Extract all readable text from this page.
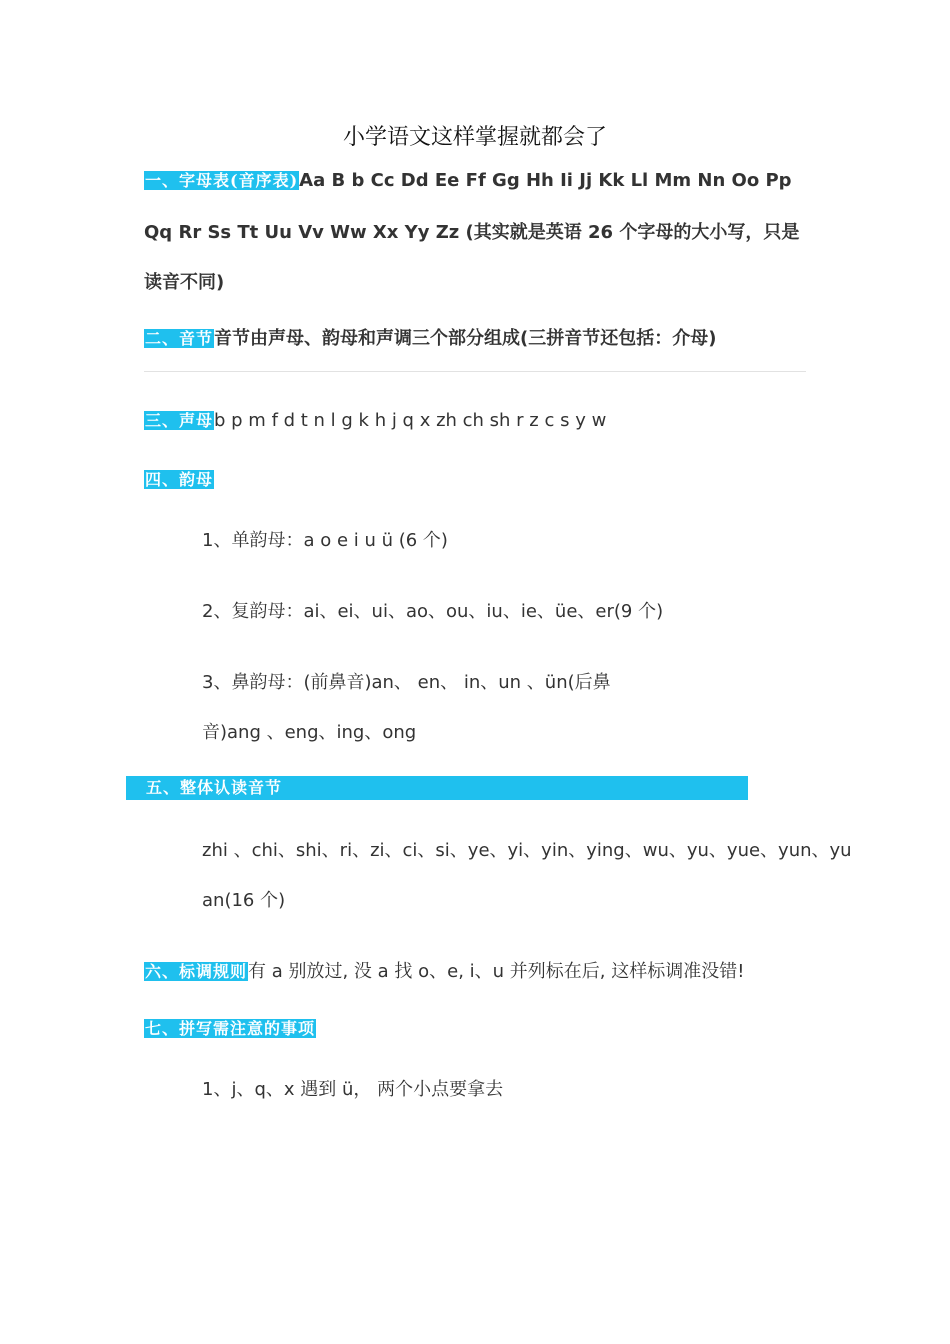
小学语文这样掌握就都会了
一、字母表(音序表)Aa B b Cc Dd Ee Ff Gg Hh Ii Jj Kk Ll Mm Nn Oo Pp
Qq Rr Ss Tt Uu Vv Ww Xx Yy Zz (其实就是英语 26 个字母的大小写，只是
读音不同)
二、音节音节由声母、韵母和声调三个部分组成(三拼音节还包括：介母)
三、声母b p m f d t n l g k h j q x zh ch sh r z c s y w
四、韵母
1、单韵母：a o e i u ü (6 个)
2、复韵母：ai、ei、ui、ao、ou、iu、ie、üe、er(9 个)
3、鼻韵母：(前鼻音)an、 en、 in、un 、ün(后鼻
音)ang 、eng、ing、ong
五、整体认读音节
zhi 、chi、shi、ri、zi、ci、si、ye、yi、yin、ying、wu、yu、yue、yun、yu
an(16 个)
六、标调规则有 a 别放过, 没 a 找 o、e, i、u 并列标在后, 这样标调准没错!
七、拼写需注意的事项
1、j、q、x 遇到 ü， 两个小点要拿去
